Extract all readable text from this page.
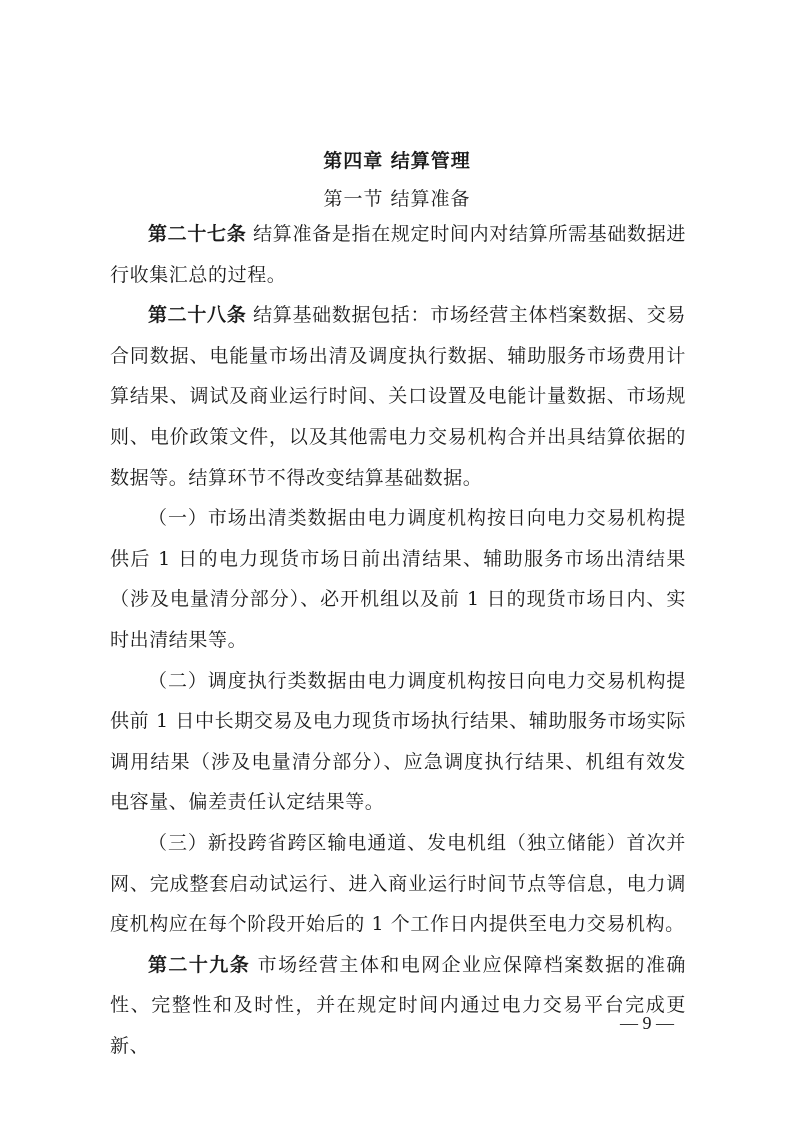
第四章 结算管理
第一节 结算准备

第二十七条 结算准备是指在规定时间内对结算所需基础数据进行收集汇总的过程。

第二十八条 结算基础数据包括：市场经营主体档案数据、交易合同数据、电能量市场出清及调度执行数据、辅助服务市场费用计算结果、调试及商业运行时间、关口设置及电能计量数据、市场规则、电价政策文件，以及其他需电力交易机构合并出具结算依据的数据等。结算环节不得改变结算基础数据。

（一）市场出清类数据由电力调度机构按日向电力交易机构提供后 1 日的电力现货市场日前出清结果、辅助服务市场出清结果（涉及电量清分部分）、必开机组以及前 1 日的现货市场日内、实时出清结果等。

（二）调度执行类数据由电力调度机构按日向电力交易机构提供前 1 日中长期交易及电力现货市场执行结果、辅助服务市场实际调用结果（涉及电量清分部分）、应急调度执行结果、机组有效发电容量、偏差责任认定结果等。

（三）新投跨省跨区输电通道、发电机组（独立储能）首次并网、完成整套启动试运行、进入商业运行时间节点等信息，电力调度机构应在每个阶段开始后的 1 个工作日内提供至电力交易机构。

第二十九条 市场经营主体和电网企业应保障档案数据的准确性、完整性和及时性，并在规定时间内通过电力交易平台完成更新、

— 9 —
